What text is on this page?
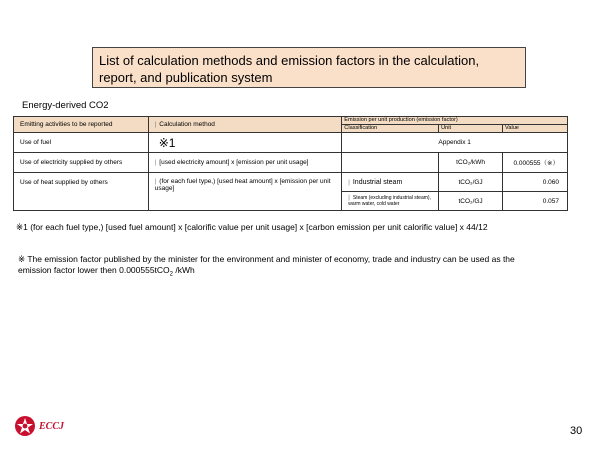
List of calculation methods and emission factors in the calculation, report, and publication system
Energy-derived CO2
Emitting activities to be reported	| Calculation method	Emission per unit production (emission factor)		
		Classification	Unit	Value
Use of fuel	※1	Appendix 1		
Use of electricity supplied by others	| [used electricity amount] x [emission per unit usage]		tCO₂/kWh	0.000555（※）
Use of heat supplied by others	| (for each fuel type,) [used heat amount] x [emission per unit usage]	| Industrial steam	tCO₂/GJ	0.060
		| Steam (excluding industrial steam), warm water, cold water	tCO₂/GJ	0.057
※1 (for each fuel type,) [used fuel amount] x [calorific value per unit usage] x [carbon emission per unit calorific value] x 44/12
※ The emission factor published by the minister for the environment and minister of economy, trade and industry can be used as the emission factor lower then 0.000555tCO$_2$ /kWh
ECCJ	30
